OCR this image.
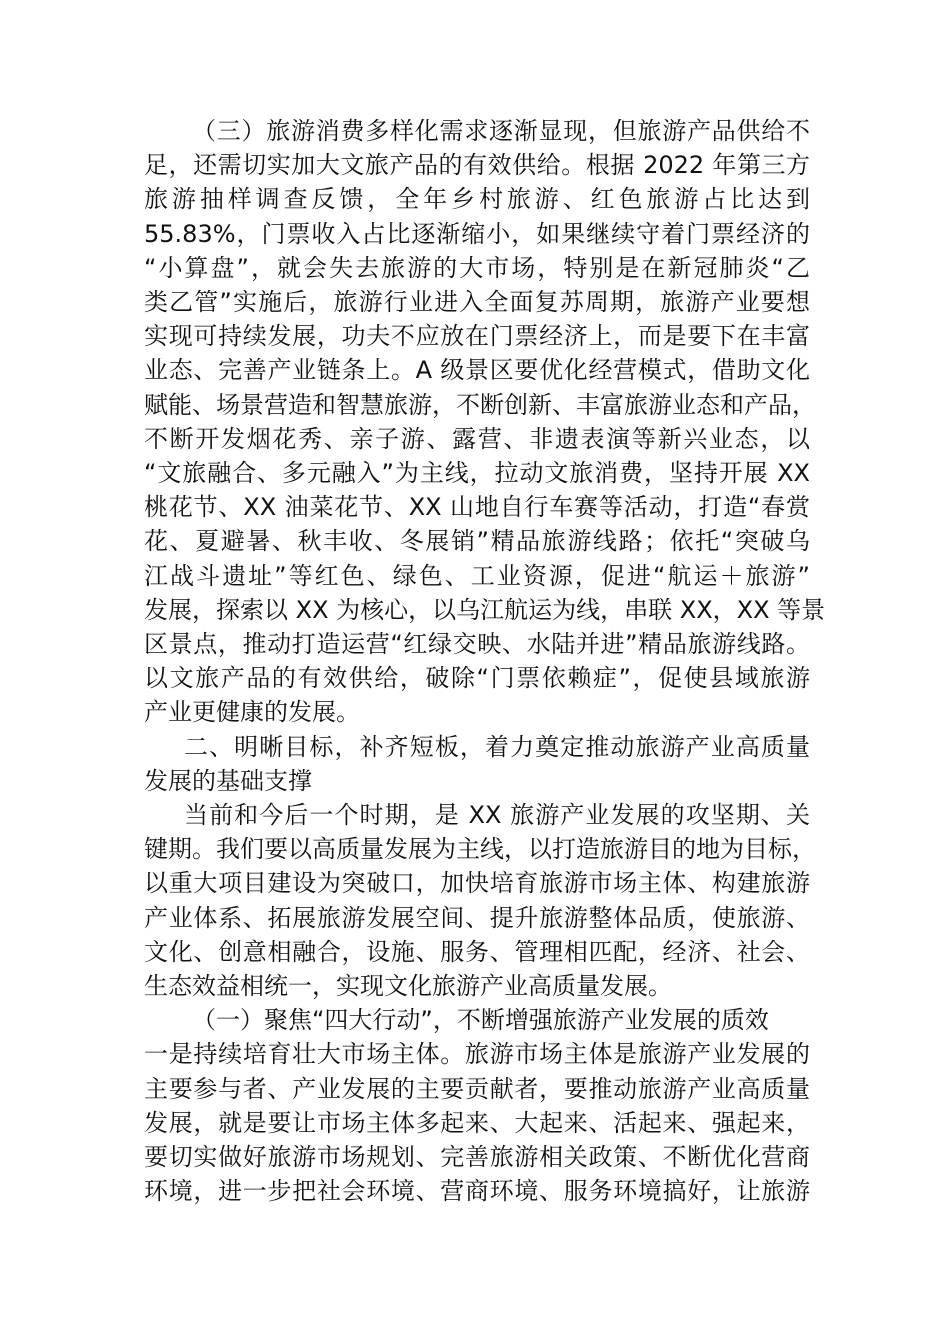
（三）旅游消费多样化需求逐渐显现，但旅游产品供给不
足，还需切实加大文旅产品的有效供给。根据 2022 年第三方
旅游抽样调查反馈，全年乡村旅游、红色旅游占比达到
55.83%，门票收入占比逐渐缩小，如果继续守着门票经济的
“小算盘”，就会失去旅游的大市场，特别是在新冠肺炎“乙
类乙管”实施后，旅游行业进入全面复苏周期，旅游产业要想
实现可持续发展，功夫不应放在门票经济上，而是要下在丰富
业态、完善产业链条上。A 级景区要优化经营模式，借助文化
赋能、场景营造和智慧旅游，不断创新、丰富旅游业态和产品，
不断开发烟花秀、亲子游、露营、非遗表演等新兴业态，以
“文旅融合、多元融入”为主线，拉动文旅消费，坚持开展 XX
桃花节、XX 油菜花节、XX 山地自行车赛等活动，打造“春赏
花、夏避暑、秋丰收、冬展销”精品旅游线路；依托“突破乌
江战斗遗址”等红色、绿色、工业资源，促进“航运＋旅游”
发展，探索以 XX 为核心，以乌江航运为线，串联 XX，XX 等景
区景点，推动打造运营“红绿交映、水陆并进”精品旅游线路。
以文旅产品的有效供给，破除“门票依赖症”，促使县域旅游
产业更健康的发展。
二、明晰目标，补齐短板，着力奠定推动旅游产业高质量
发展的基础支撑
当前和今后一个时期，是 XX 旅游产业发展的攻坚期、关
键期。我们要以高质量发展为主线，以打造旅游目的地为目标，
以重大项目建设为突破口，加快培育旅游市场主体、构建旅游
产业体系、拓展旅游发展空间、提升旅游整体品质，使旅游、
文化、创意相融合，设施、服务、管理相匹配，经济、社会、
生态效益相统一，实现文化旅游产业高质量发展。
（一）聚焦“四大行动”，不断增强旅游产业发展的质效
一是持续培育壮大市场主体。旅游市场主体是旅游产业发展的
主要参与者、产业发展的主要贡献者，要推动旅游产业高质量
发展，就是要让市场主体多起来、大起来、活起来、强起来，
要切实做好旅游市场规划、完善旅游相关政策、不断优化营商
环境，进一步把社会环境、营商环境、服务环境搞好，让旅游
